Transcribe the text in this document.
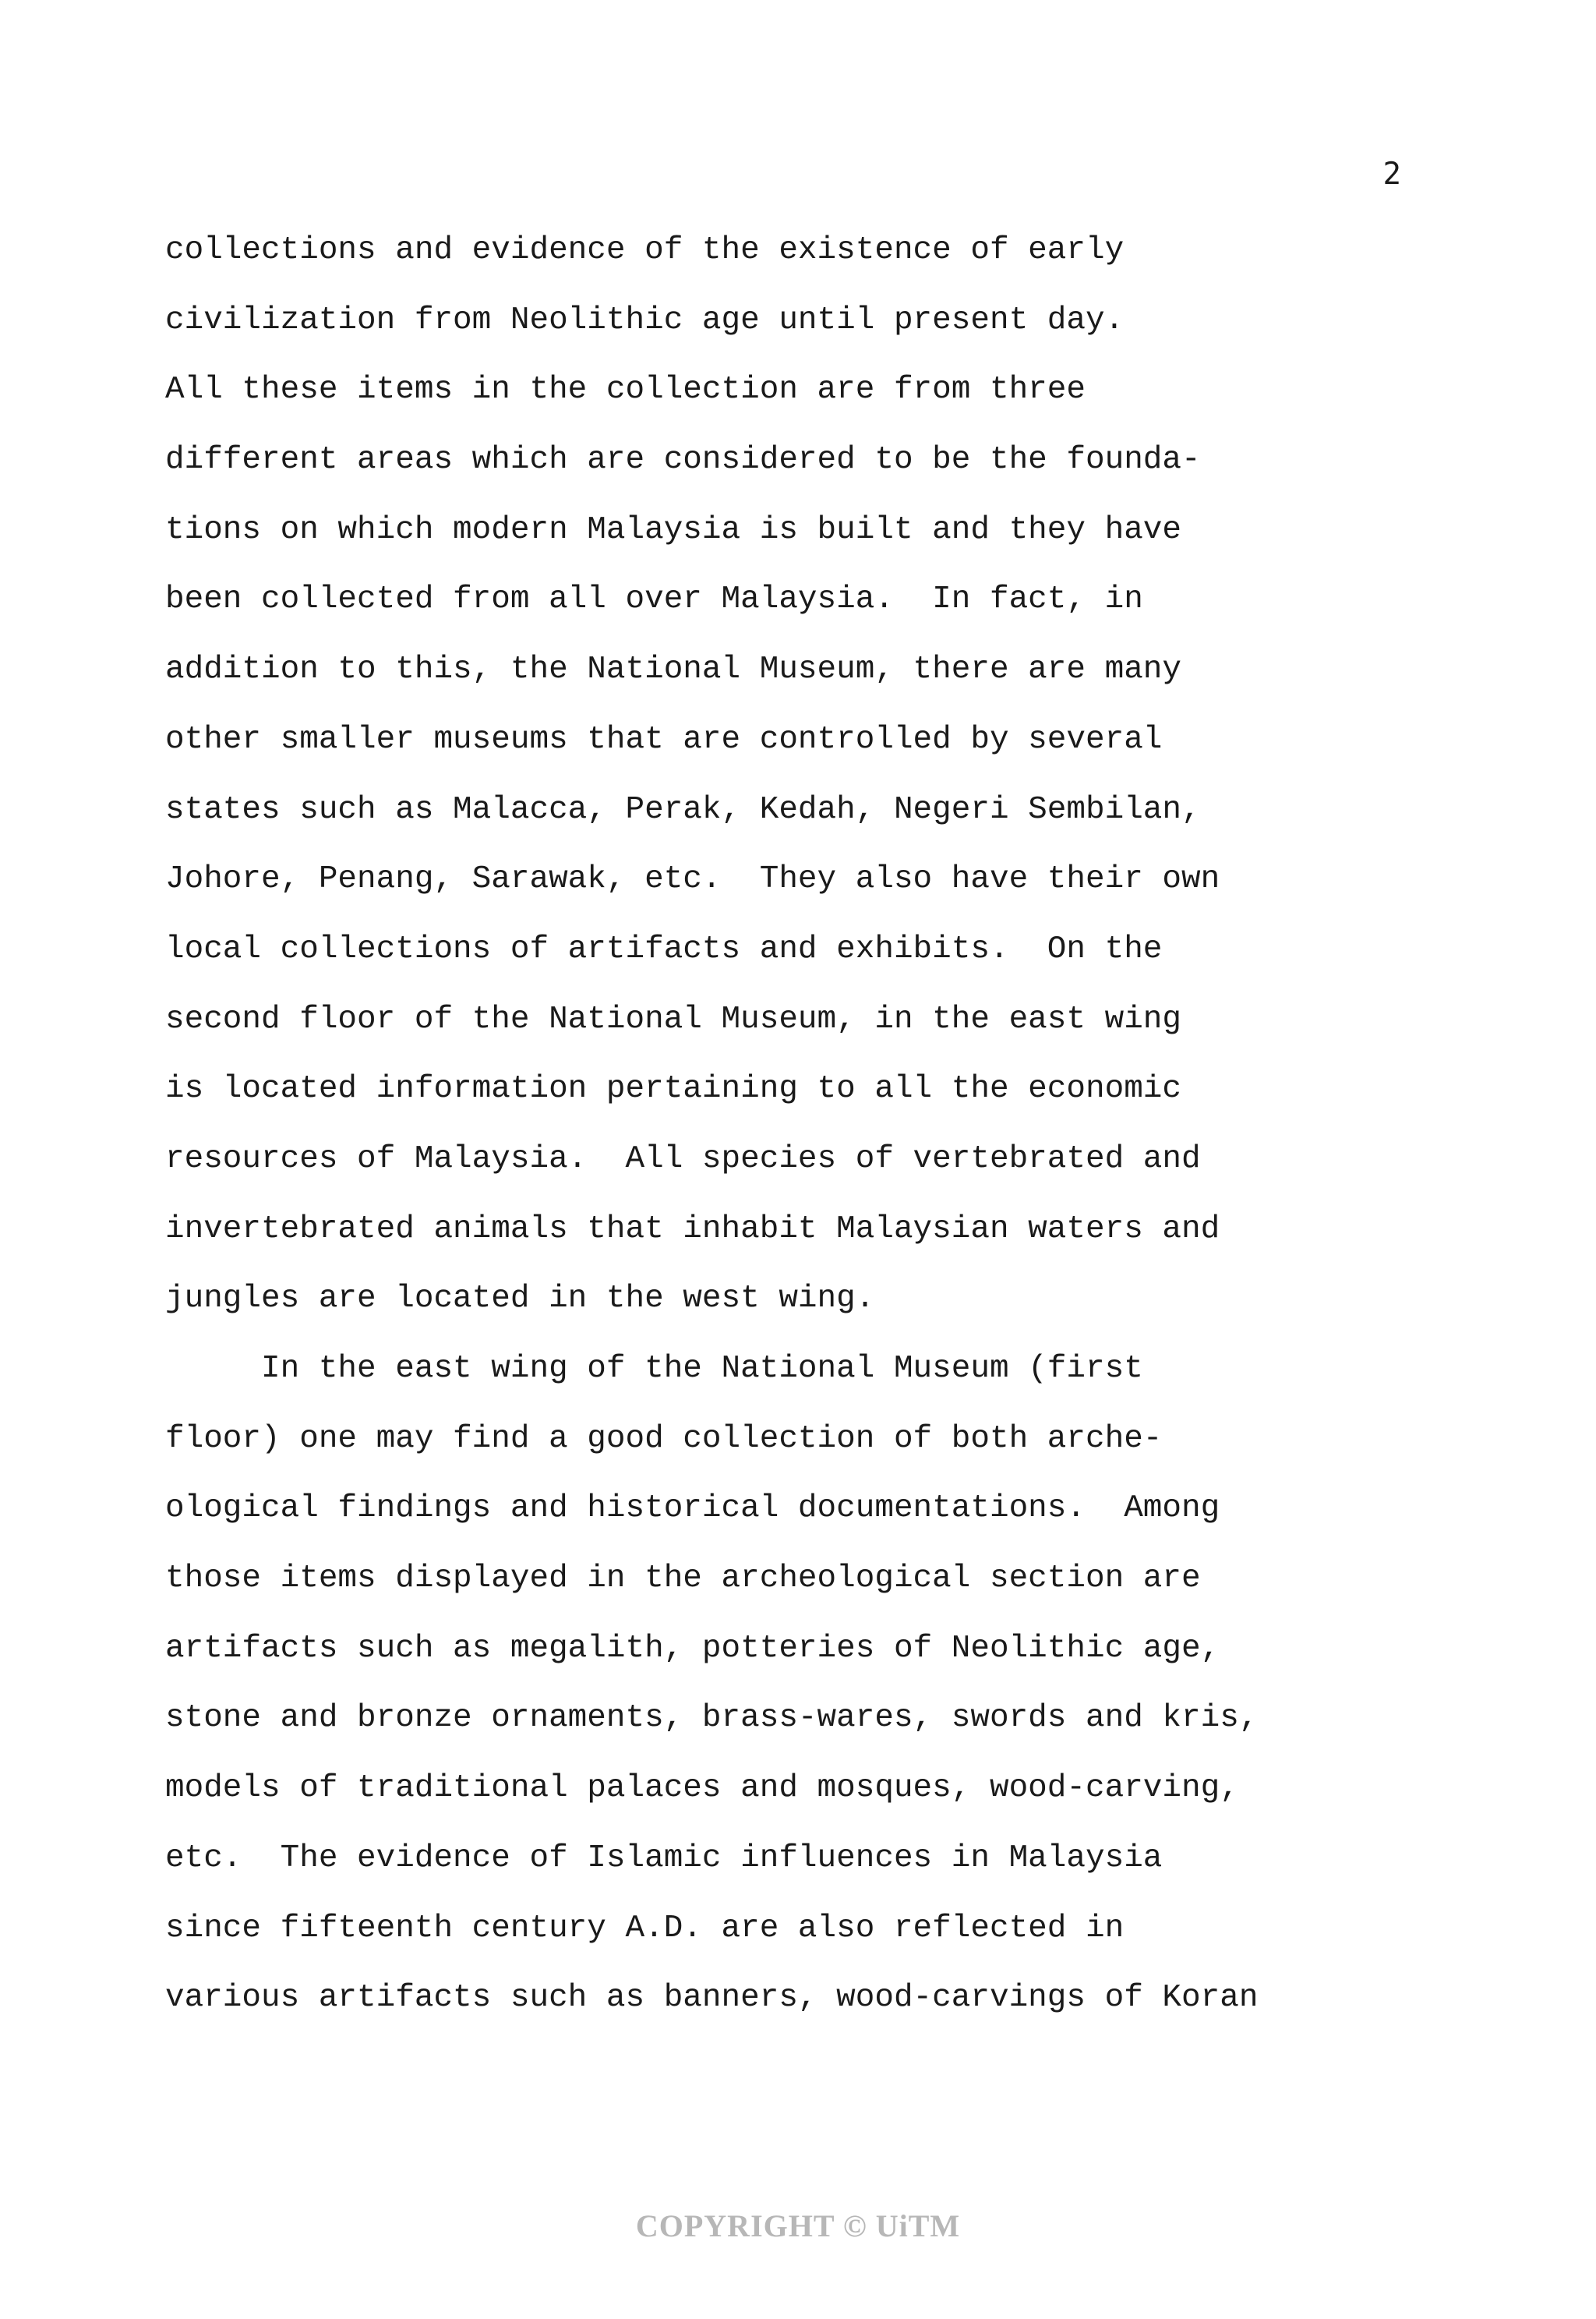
2
collections and evidence of the existence of early
civilization from Neolithic age until present day.
All these items in the collection are from three
different areas which are considered to be the founda-
tions on which modern Malaysia is built and they have
been collected from all over Malaysia.  In fact, in
addition to this, the National Museum, there are many
other smaller museums that are controlled by several
states such as Malacca, Perak, Kedah, Negeri Sembilan,
Johore, Penang, Sarawak, etc.  They also have their own
local collections of artifacts and exhibits.  On the
second floor of the National Museum, in the east wing
is located information pertaining to all the economic
resources of Malaysia.  All species of vertebrated and
invertebrated animals that inhabit Malaysian waters and
jungles are located in the west wing.
In the east wing of the National Museum (first
floor) one may find a good collection of both arche-
ological findings and historical documentations.  Among
those items displayed in the archeological section are
artifacts such as megalith, potteries of Neolithic age,
stone and bronze ornaments, brass-wares, swords and kris,
models of traditional palaces and mosques, wood-carving,
etc.  The evidence of Islamic influences in Malaysia
since fifteenth century A.D. are also reflected in
various artifacts such as banners, wood-carvings of Koran
COPYRIGHT © UiTM
